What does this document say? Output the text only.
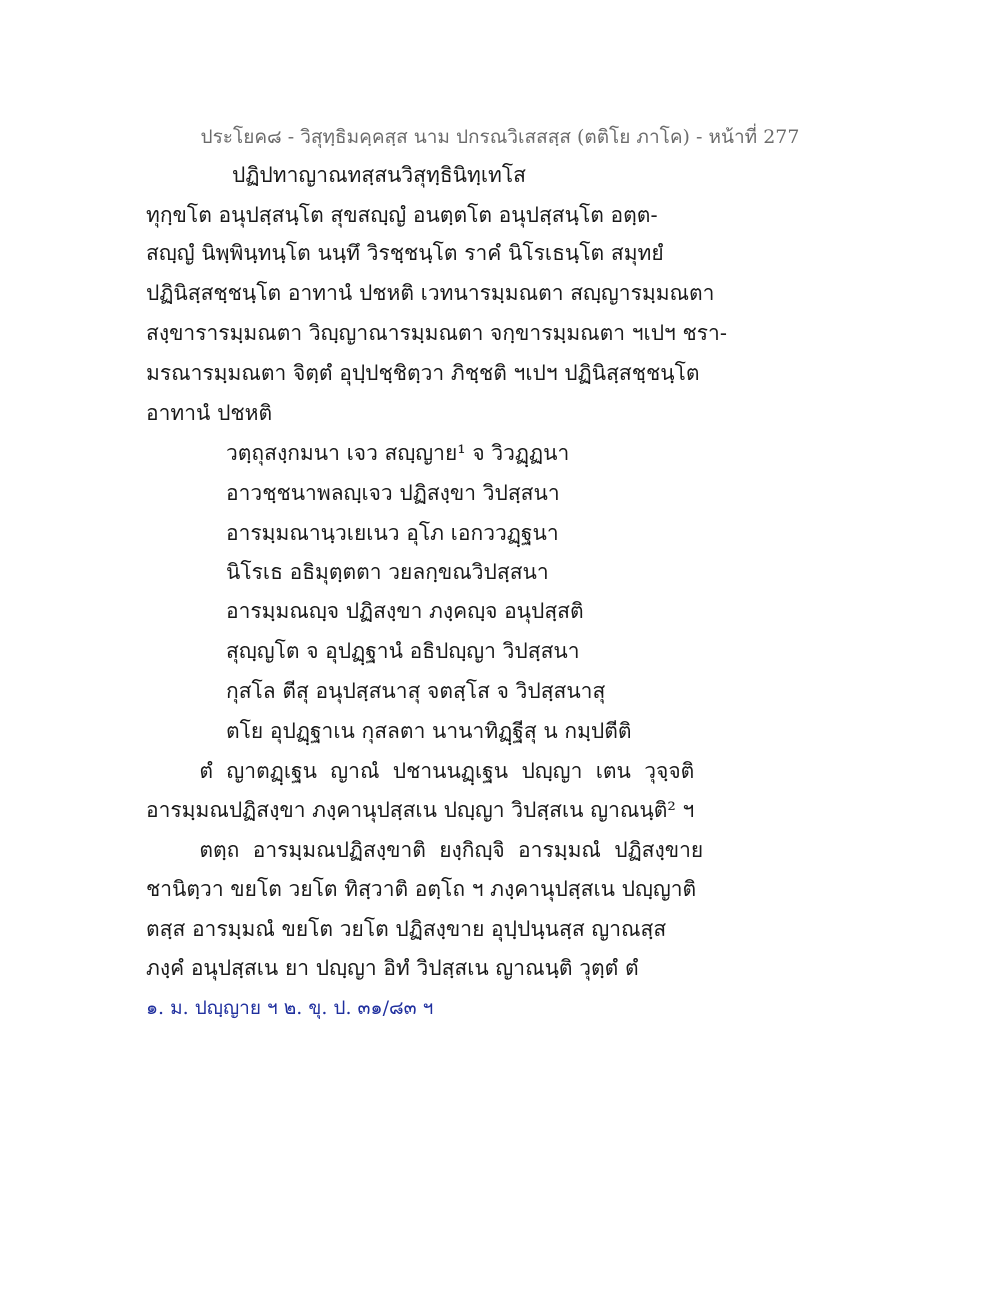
ประโยค๘ - วิสุทฺธิมคฺคสฺส นาม ปกรณวิเสสสฺส (ตติโย ภาโค) - หน้าที่ 277
ปฏิปทาญาณทสฺสนวิสุทฺธินิทฺเทโส
ทุกฺขโต อนุปสฺสนฺโต สุขสญฺญํ อนตฺตโต อนุปสฺสนฺโต อตฺต-
สญฺญํ นิพฺพินฺทนฺโต นนฺทึ วิรชฺชนฺโต ราคํ นิโรเธนฺโต สมุทยํ
ปฏินิสฺสชฺชนฺโต อาทานํ ปชหติ เวทนารมฺมณตา สญฺญารมฺมณตา
สงฺขารารมฺมณตา วิญฺญาณารมฺมณตา จกฺขารมฺมณตา ฯเปฯ ชรา-
มรณารมฺมณตา จิตฺตํ อุปฺปชฺชิตฺวา ภิชฺชติ ฯเปฯ ปฏินิสฺสชฺชนฺโต
อาทานํ ปชหติ
วตฺถุสงฺกมนา เจว สญฺญาย¹ จ วิวฏฺฏนา
อาวชฺชนาพลญฺเจว ปฏิสงฺขา วิปสฺสนา
อารมฺมณานฺวเยเนว อุโภ เอกววฏฺฐนา
นิโรเธ อธิมุตฺตตา วยลกฺขณวิปสฺสนา
อารมฺมณญฺจ ปฏิสงฺขา ภงฺคญฺจ อนุปสฺสติ
สุญฺญโต จ อุปฏฺฐานํ อธิปญฺญา วิปสฺสนา
กุสโล ตีสุ อนุปสฺสนาสุ จตสฺโส จ วิปสฺสนาสุ
ตโย อุปฏฺฐาเน กุสลตา นานาทิฏฺฐีสุ น กมฺปตีติ
ตํ  ญาตฏฺเฐน  ญาณํ  ปชานนฏฺเฐน  ปญฺญา  เตน  วุจฺจติ
อารมฺมณปฏิสงฺขา ภงฺคานุปสฺสเน ปญฺญา วิปสฺสเน ญาณนฺติ² ฯ
ตตฺถ  อารมฺมณปฏิสงฺขาติ  ยงฺกิญฺจิ  อารมฺมณํ  ปฏิสงฺขาย
ชานิตฺวา ขยโต วยโต ทิสฺวาติ อตฺโถ ฯ ภงฺคานุปสฺสเน ปญฺญาติ
ตสฺส อารมฺมณํ ขยโต วยโต ปฏิสงฺขาย อุปฺปนฺนสฺส ญาณสฺส
ภงฺคํ อนุปสฺสเน ยา ปญฺญา อิทํ วิปสฺสเน ญาณนฺติ วุตฺตํ ตํ
๑. ม. ปญฺญาย ฯ ๒. ขุ. ป. ๓๑/๘๓ ฯ
